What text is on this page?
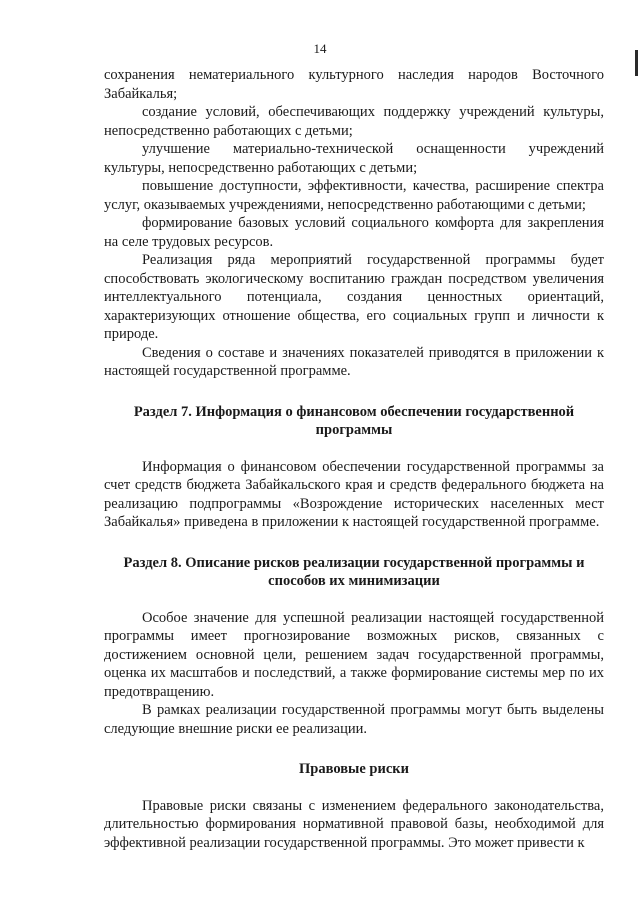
14

сохранения нематериального культурного наследия народов Восточного Забайкалья;

создание условий, обеспечивающих поддержку учреждений культуры, непосредственно работающих с детьми;

улучшение материально-технической оснащенности учреждений культуры, непосредственно работающих с детьми;

повышение доступности, эффективности, качества, расширение спектра услуг, оказываемых учреждениями, непосредственно работающими с детьми;

формирование базовых условий социального комфорта для закрепления на селе трудовых ресурсов.

Реализация ряда мероприятий государственной программы будет способствовать экологическому воспитанию граждан посредством увеличения интеллектуального потенциала, создания ценностных ориентаций, характеризующих отношение общества, его социальных групп и личности к природе.

Сведения о составе и значениях показателей приводятся в приложении к настоящей государственной программе.

Раздел 7. Информация о финансовом обеспечении государственной программы

Информация о финансовом обеспечении государственной программы за счет средств бюджета Забайкальского края и средств федерального бюджета на реализацию подпрограммы «Возрождение исторических населенных мест Забайкалья» приведена в приложении к настоящей государственной программе.

Раздел 8. Описание рисков реализации государственной программы и способов их минимизации

Особое значение для успешной реализации настоящей государственной программы имеет прогнозирование возможных рисков, связанных с достижением основной цели, решением задач государственной программы, оценка их масштабов и последствий, а также формирование системы мер по их предотвращению.

В рамках реализации государственной программы могут быть выделены следующие внешние риски ее реализации.

Правовые риски

Правовые риски связаны с изменением федерального законодательства, длительностью формирования нормативной правовой базы, необходимой для эффективной реализации государственной программы. Это может привести к
